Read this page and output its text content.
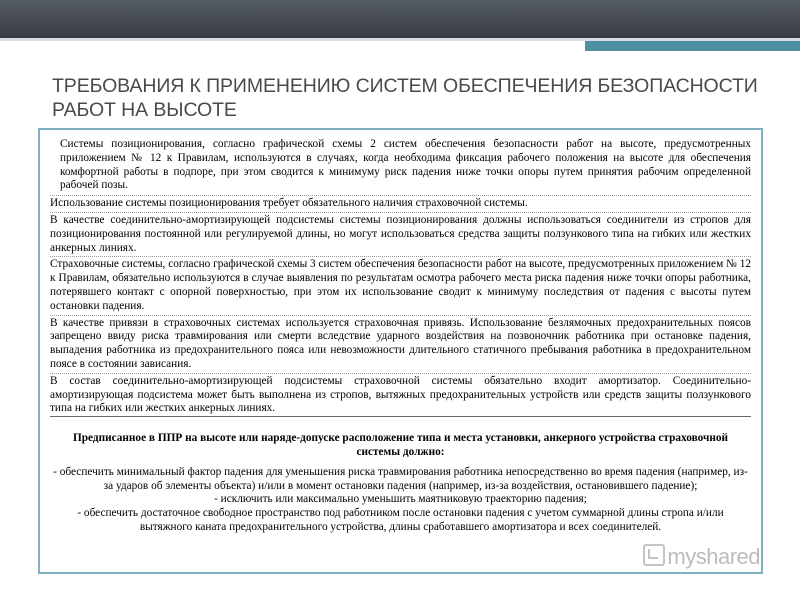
ТРЕБОВАНИЯ К ПРИМЕНЕНИЮ СИСТЕМ ОБЕСПЕЧЕНИЯ БЕЗОПАСНОСТИ РАБОТ НА ВЫСОТЕ

Системы позиционирования, согласно графической схемы 2 систем обеспечения безопасности работ на высоте, предусмотренных приложением № 12 к Правилам, используются в случаях, когда необходима фиксация рабочего положения на высоте для обеспечения комфортной работы в подпоре, при этом сводится к минимуму риск падения ниже точки опоры путем принятия рабочим определенной рабочей позы.

Использование системы позиционирования требует обязательного наличия страховочной системы.

В качестве соединительно-амортизирующей подсистемы системы позиционирования должны использоваться соединители из стропов для позиционирования постоянной или регулируемой длины, но могут использоваться средства защиты ползункового типа на гибких или жестких анкерных линиях.

Страховочные системы, согласно графической схемы 3 систем обеспечения безопасности работ на высоте, предусмотренных приложением № 12 к Правилам, обязательно используются в случае выявления по результатам осмотра рабочего места риска падения ниже точки опоры работника, потерявшего контакт с опорной поверхностью, при этом их использование сводит к минимуму последствия от падения с высоты путем остановки падения.

В качестве привязи в страховочных системах используется страховочная привязь. Использование безлямочных предохранительных поясов запрещено ввиду риска травмирования или смерти вследствие ударного воздействия на позвоночник работника при остановке падения, выпадения работника из предохранительного пояса или невозможности длительного статичного пребывания работника в предохранительном поясе в состоянии зависания.

В состав соединительно-амортизирующей подсистемы страховочной системы обязательно входит амортизатор. Соединительно-амортизирующая подсистема может быть выполнена из стропов, вытяжных предохранительных устройств или средств защиты ползункового типа на гибких или жестких анкерных линиях.

Предписанное в ППР на высоте или наряде-допуске расположение типа и места установки, анкерного устройства страховочной системы должно:

- обеспечить минимальный фактор падения для уменьшения риска травмирования работника непосредственно во время падения (например, из-за ударов об элементы объекта) и/или в момент остановки падения (например, из-за воздействия, остановившего падение);

- исключить или максимально уменьшить маятниковую траекторию падения;

- обеспечить достаточное свободное пространство под работником после остановки падения с учетом суммарной длины стропа и/или вытяжного каната предохранительного устройства, длины сработавшего амортизатора и всех соединителей.

myshared
